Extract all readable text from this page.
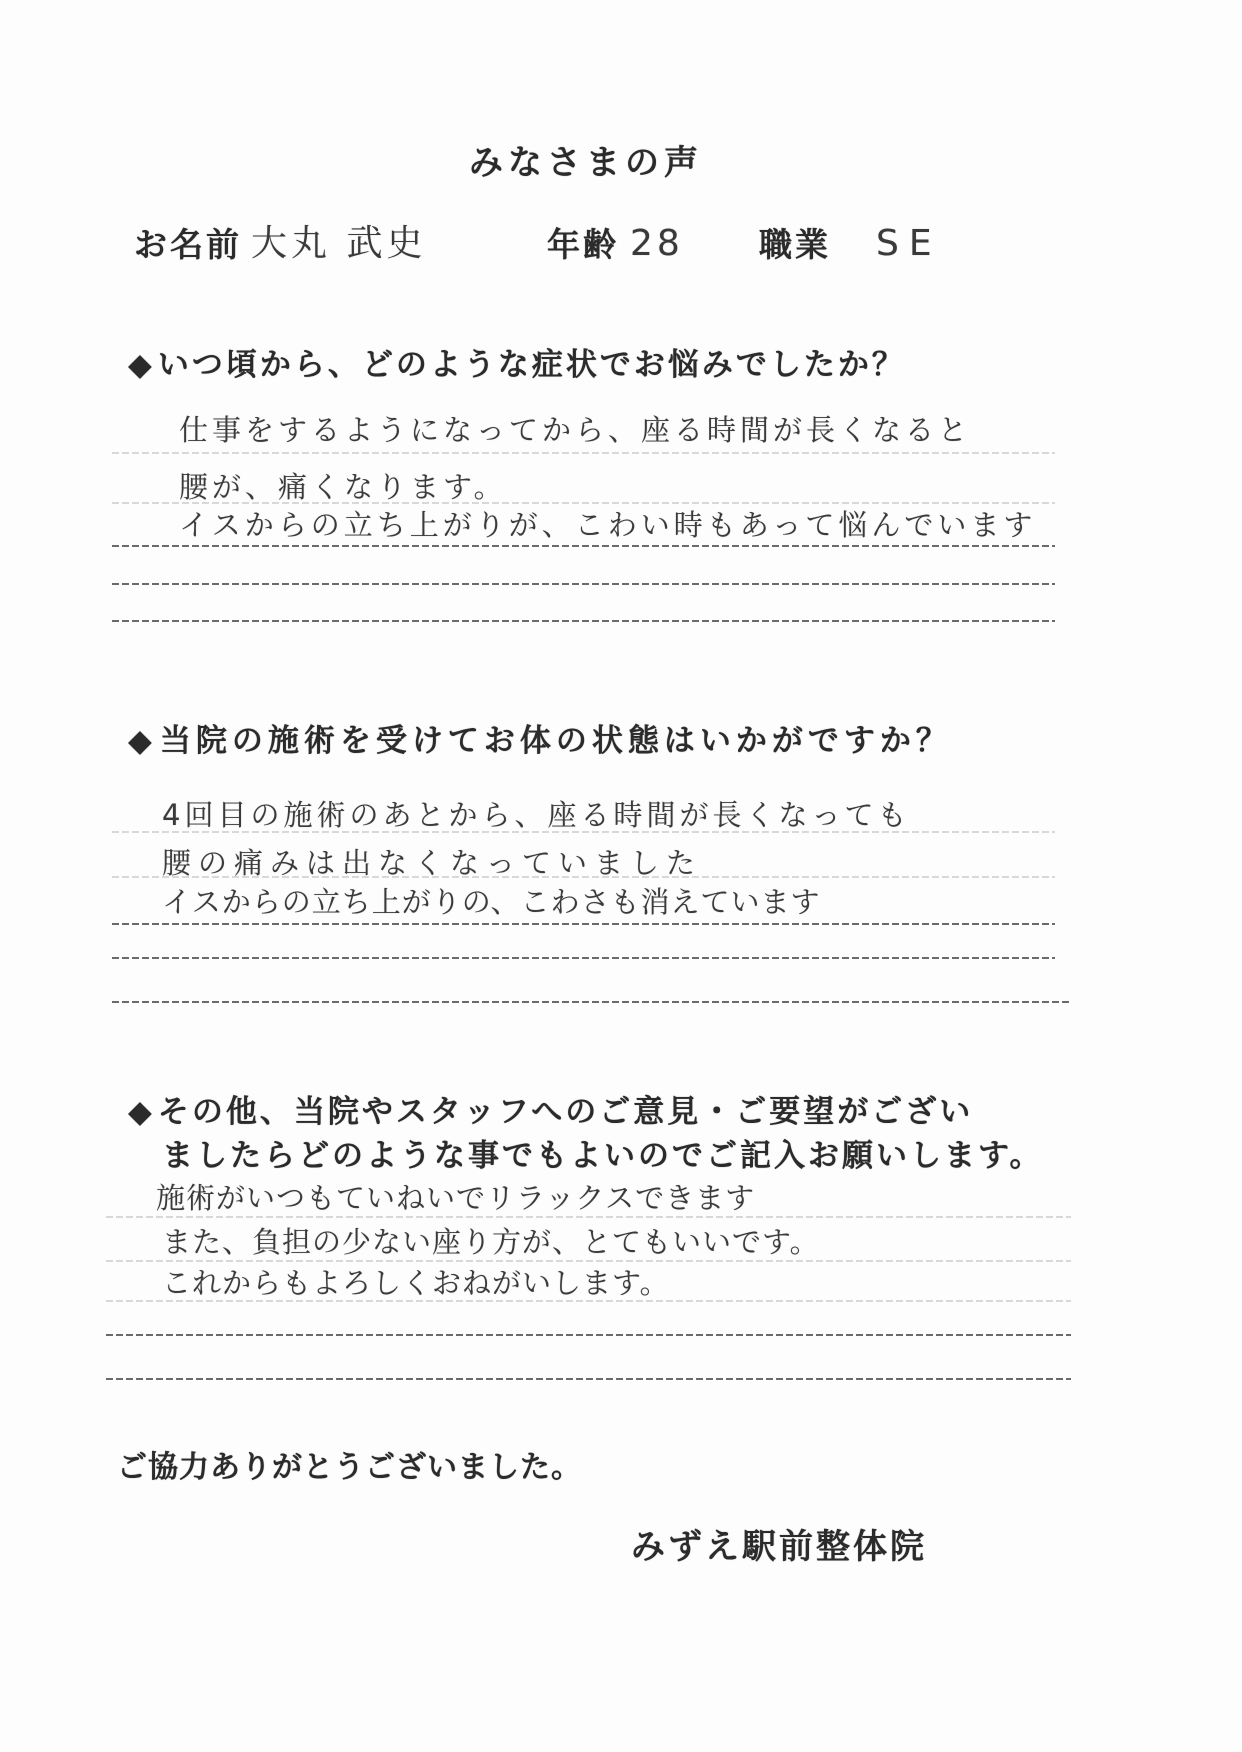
みなさまの声
お名前 大丸 武史	年齢 28 職業 SE
◆いつ頃から、どのような症状でお悩みでしたか？
仕事をするようになってから、座る時間が長くなると
腰が、痛くなります。
イスからの立ち上がりが、こわい時もあって悩んでいます
◆当院の施術を受けてお体の状態はいかがですか？
4回目の施術のあとから、座る時間が長くなっても
腰の痛みは出なくなっていました
イスからの立ち上がりの、こわさも消えています
◆その他、当院やスタッフへのご意見・ご要望がござい
ましたらどのような事でもよいのでご記入お願いします。
施術がいつもていねいでリラックスできます
また、負担の少ない座り方が、とてもいいです。
これからもよろしくおねがいします。
ご協力ありがとうございました。
みずえ駅前整体院
